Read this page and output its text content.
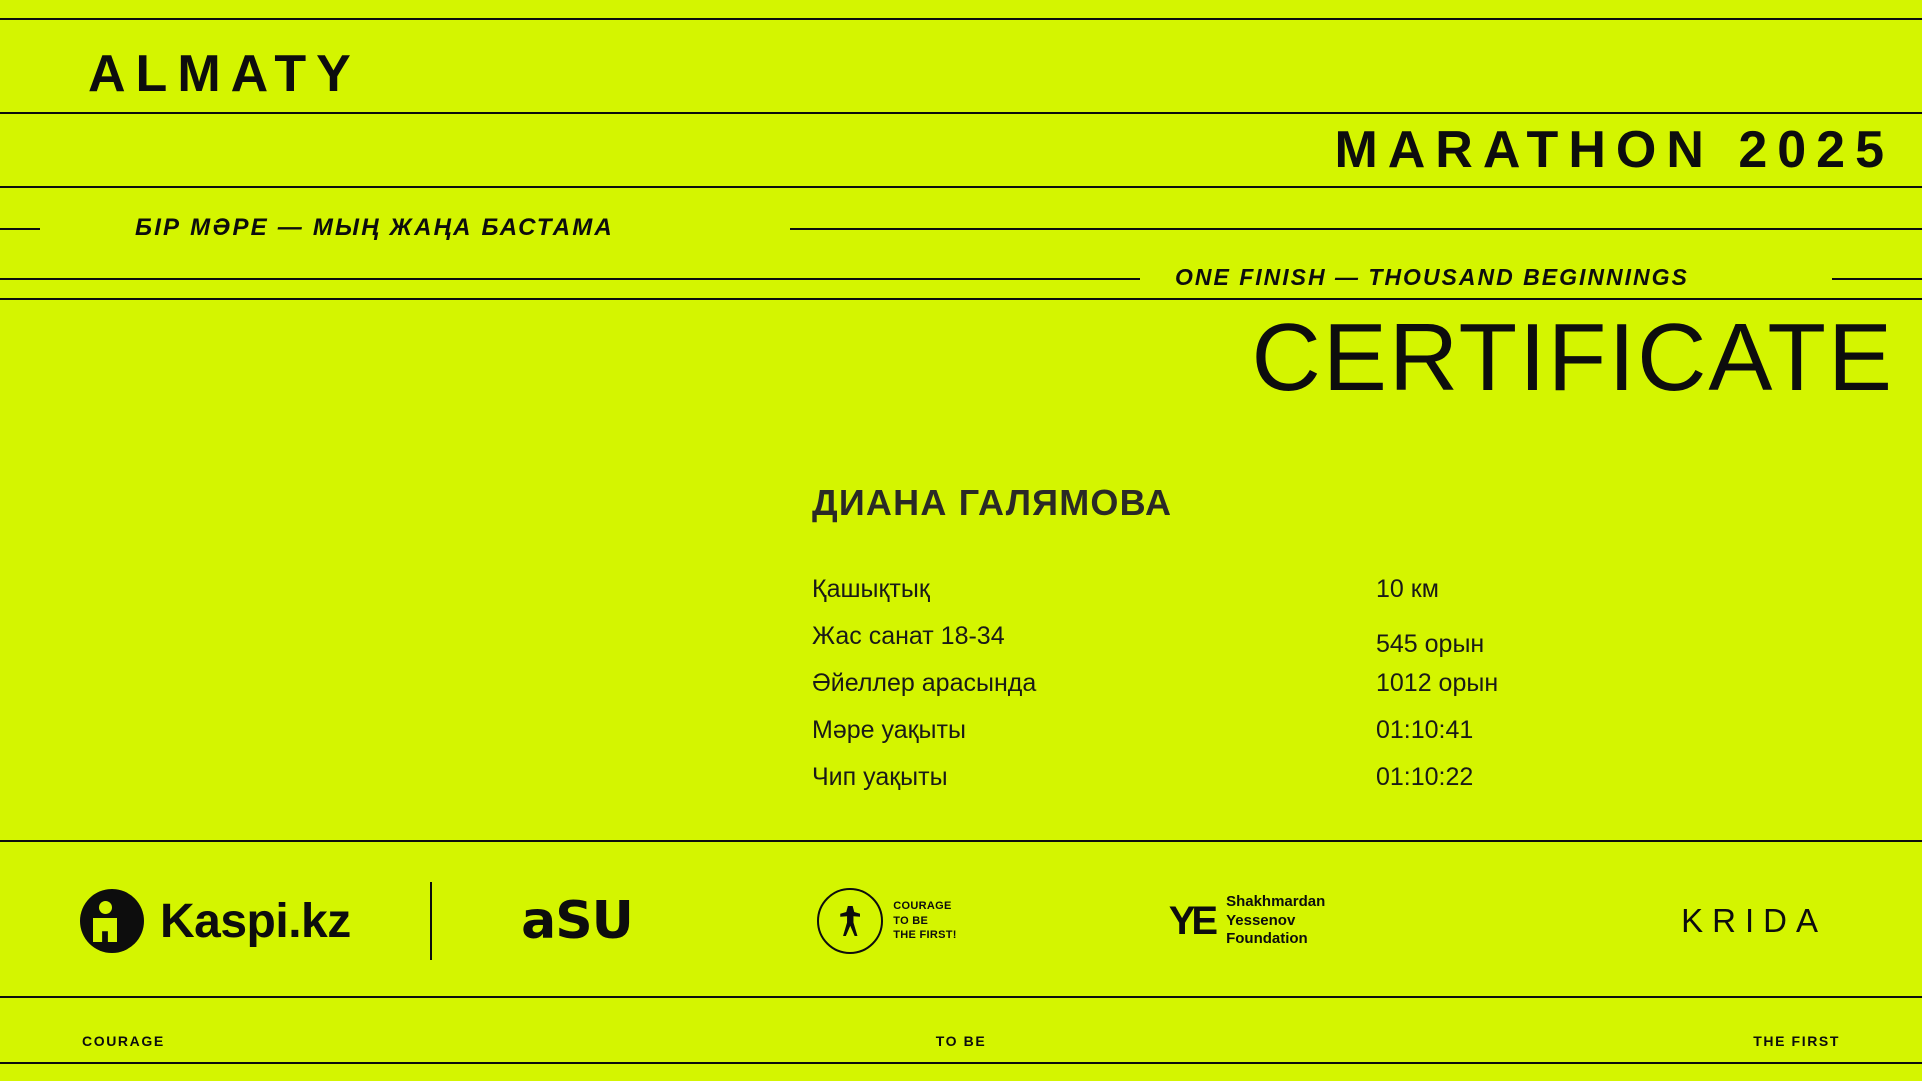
ALMATY
MARATHON 2025
БІР МӘРЕ — МЫҢ ЖАҢА БАСТАМА
ONE FINISH — THOUSAND BEGINNINGS
CERTIFICATE
ДИАНА ГАЛЯМОВА
Қашықтық	10 км
Жас санат 18-34	545 орын
Әйеллер арасында	1012 орын
Мәре уақыты	01:10:41
Чип уақыты	01:10:22
Kaspi.kz	aSU	COURAGE
TO BE
THE FIRST!	YE Shakhmardan
Yessenov
Foundation	KRIDA
COURAGE	TO BE	THE FIRST
